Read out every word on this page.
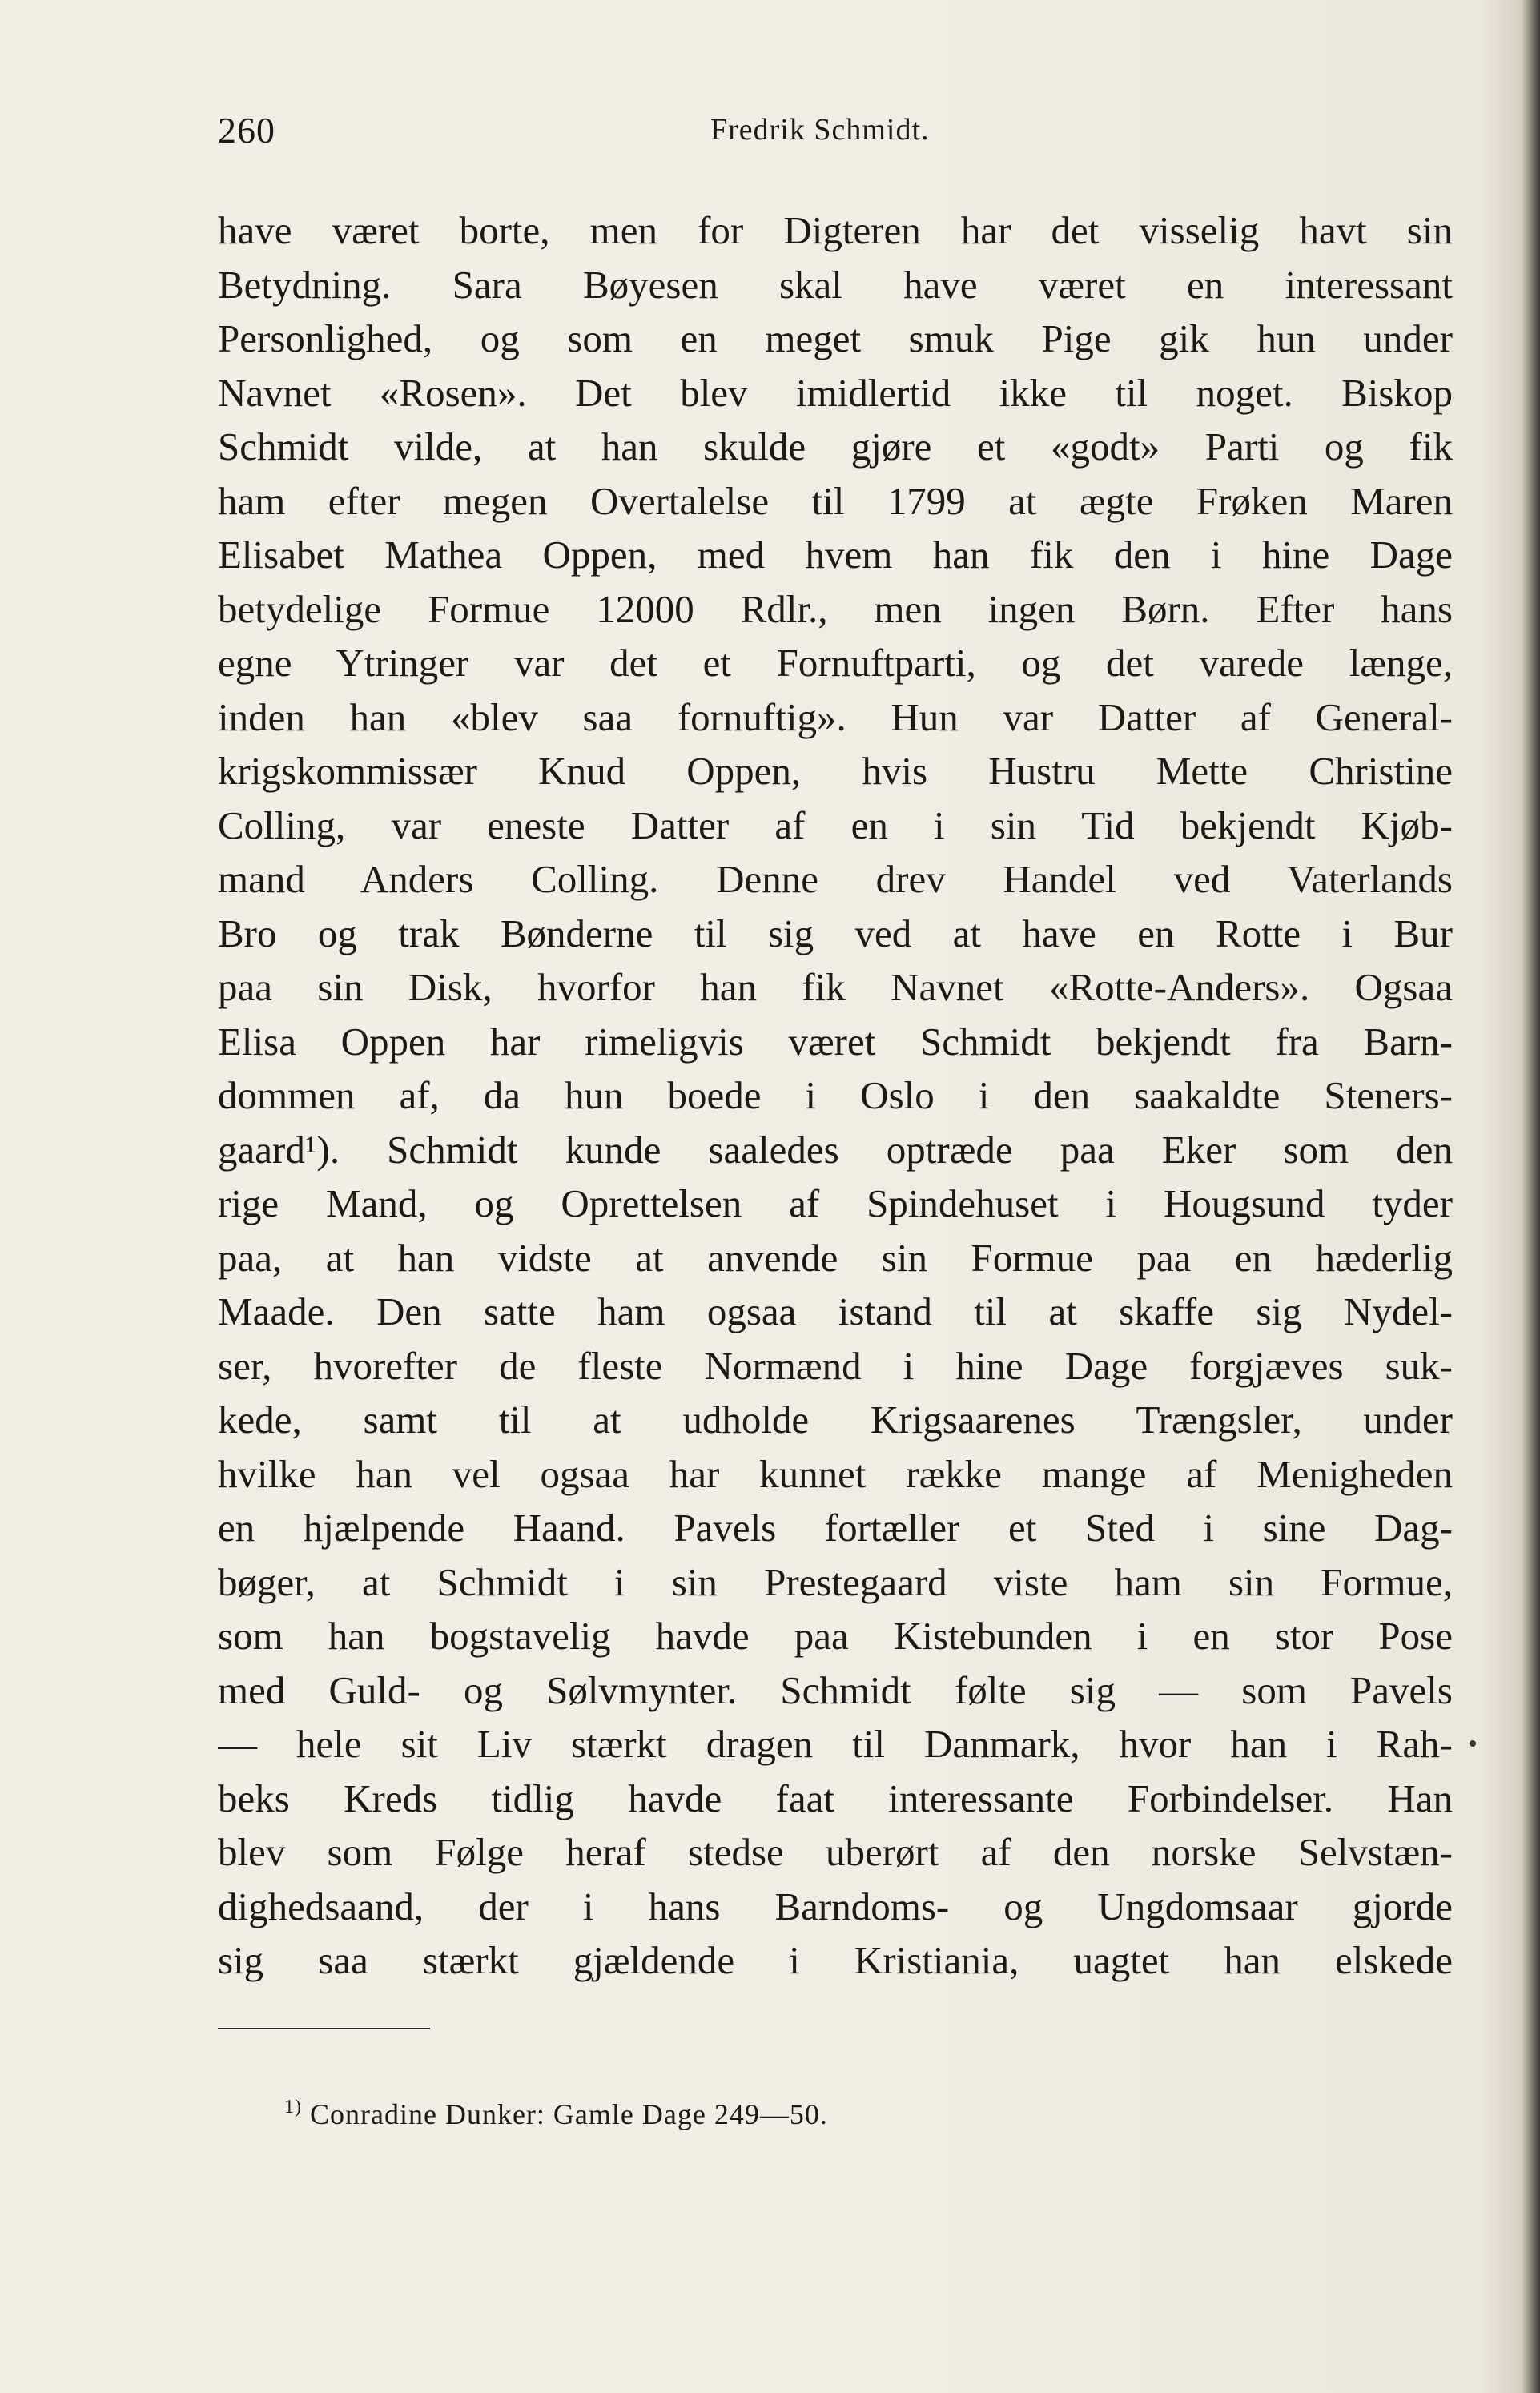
260	Fredrik Schmidt.
have været borte, men for Digteren har det visselig havt sin
Betydning. Sara Bøyesen skal have været en interessant
Personlighed, og som en meget smuk Pige gik hun under
Navnet «Rosen». Det blev imidlertid ikke til noget. Biskop
Schmidt vilde, at han skulde gjøre et «godt» Parti og fik
ham efter megen Overtalelse til 1799 at ægte Frøken Maren
Elisabet Mathea Oppen, med hvem han fik den i hine Dage
betydelige Formue 12000 Rdlr., men ingen Børn. Efter hans
egne Ytringer var det et Fornuftparti, og det varede længe,
inden han «blev saa fornuftig». Hun var Datter af General-
krigskommissær Knud Oppen, hvis Hustru Mette Christine
Colling, var eneste Datter af en i sin Tid bekjendt Kjøb-
mand Anders Colling. Denne drev Handel ved Vaterlands
Bro og trak Bønderne til sig ved at have en Rotte i Bur
paa sin Disk, hvorfor han fik Navnet «Rotte-Anders». Ogsaa
Elisa Oppen har rimeligvis været Schmidt bekjendt fra Barn-
dommen af, da hun boede i Oslo i den saakaldte Steners-
gaard¹). Schmidt kunde saaledes optræde paa Eker som den
rige Mand, og Oprettelsen af Spindehuset i Hougsund tyder
paa, at han vidste at anvende sin Formue paa en hæderlig
Maade. Den satte ham ogsaa istand til at skaffe sig Nydel-
ser, hvorefter de fleste Normænd i hine Dage forgjæves suk-
kede, samt til at udholde Krigsaarenes Trængsler, under
hvilke han vel ogsaa har kunnet række mange af Menigheden
en hjælpende Haand. Pavels fortæller et Sted i sine Dag-
bøger, at Schmidt i sin Prestegaard viste ham sin Formue,
som han bogstavelig havde paa Kistebunden i en stor Pose
med Guld- og Sølvmynter. Schmidt følte sig — som Pavels
— hele sit Liv stærkt dragen til Danmark, hvor han i Rah-
beks Kreds tidlig havde faat interessante Forbindelser. Han
blev som Følge heraf stedse uberørt af den norske Selvstæn-
dighedsaand, der i hans Barndoms- og Ungdomsaar gjorde
sig saa stærkt gjældende i Kristiania, uagtet han elskede
$^{1)}$ Conradine Dunker: Gamle Dage 249—50.
